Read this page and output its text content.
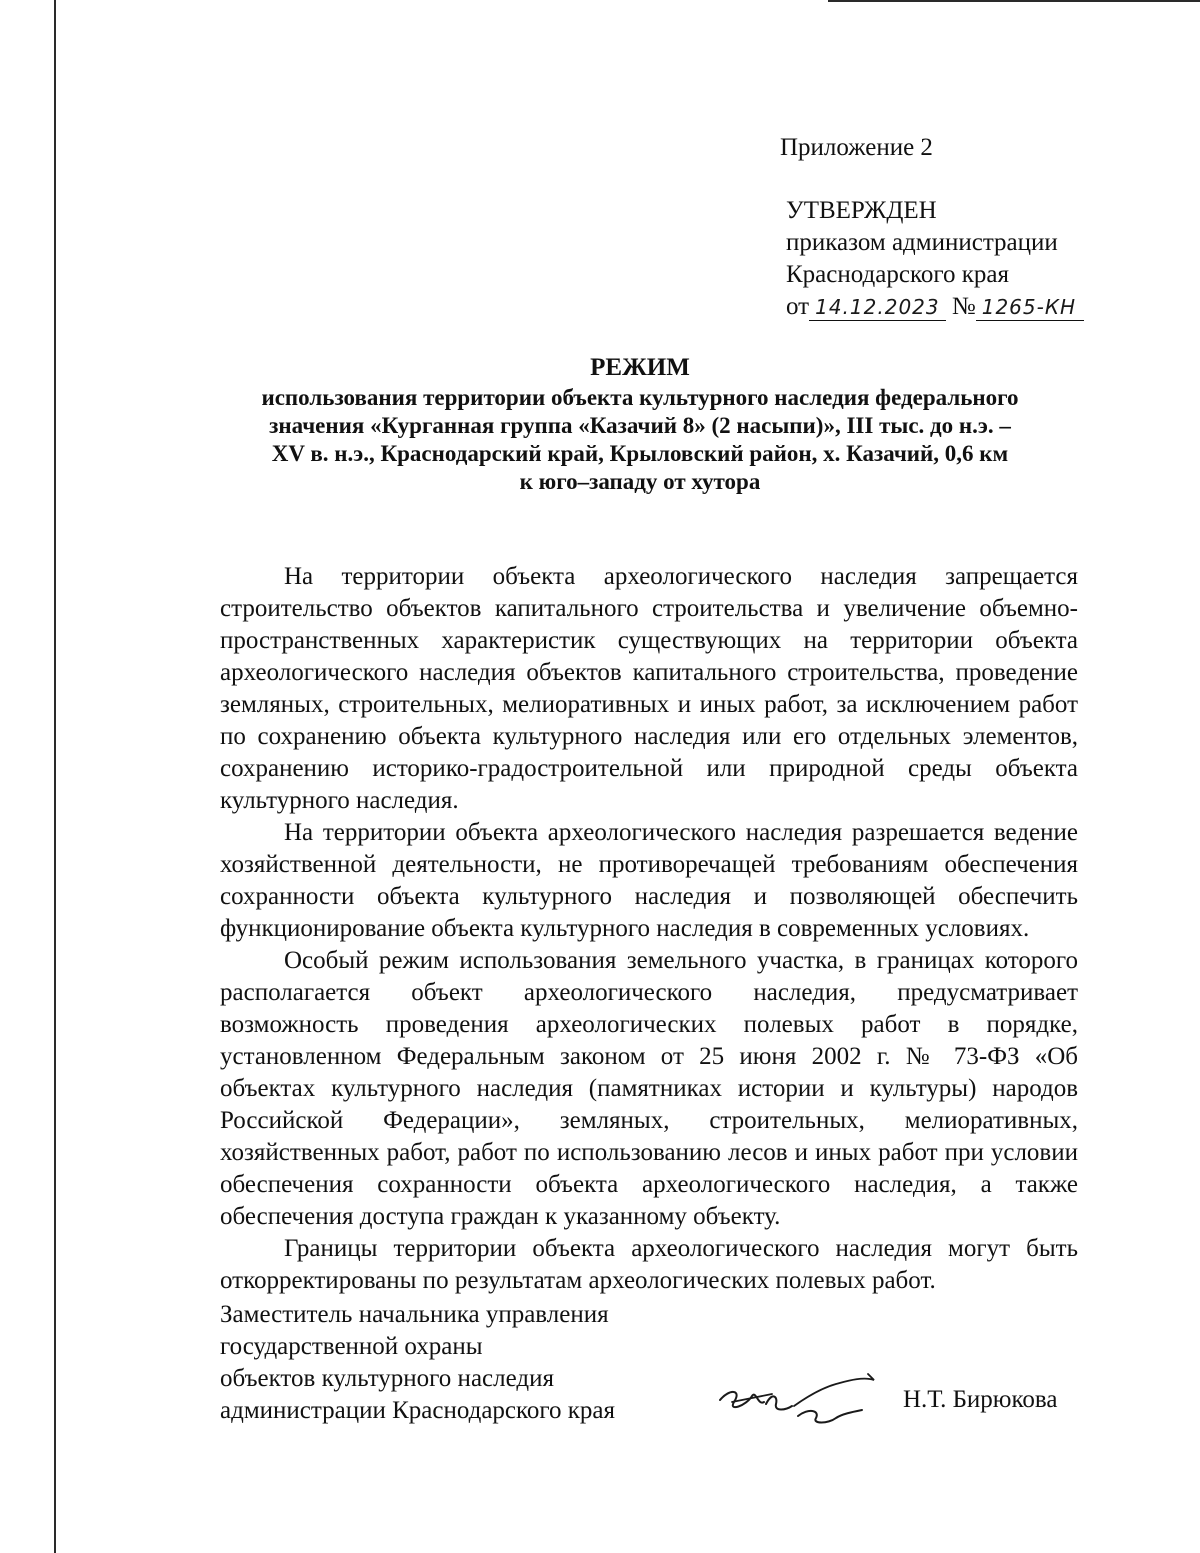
Приложение 2
УТВЕРЖДЕН
приказом администрации
Краснодарского края
от 14.12.2023 № 1265-КН
РЕЖИМ
использования территории объекта культурного наследия федерального
значения «Курганная группа «Казачий 8» (2 насыпи)», III тыс. до н.э. –
XV в. н.э., Краснодарский край, Крыловский район, х. Казачий, 0,6 км
к юго–западу от хутора

На территории объекта археологического наследия запрещается строительство объектов капитального строительства и увеличение объемно-пространственных характеристик существующих на территории объекта археологического наследия объектов капитального строительства, проведение земляных, строительных, мелиоративных и иных работ, за исключением работ по сохранению объекта культурного наследия или его отдельных элементов, сохранению историко-градостроительной или природной среды объекта культурного наследия.

На территории объекта археологического наследия разрешается ведение хозяйственной деятельности, не противоречащей требованиям обеспечения сохранности объекта культурного наследия и позволяющей обеспечить функционирование объекта культурного наследия в современных условиях.

Особый режим использования земельного участка, в границах которого располагается объект археологического наследия, предусматривает возможность проведения археологических полевых работ в порядке, установленном Федеральным законом от 25 июня 2002 г. № 73-ФЗ «Об объектах культурного наследия (памятниках истории и культуры) народов Российской Федерации», земляных, строительных, мелиоративных, хозяйственных работ, работ по использованию лесов и иных работ при условии обеспечения сохранности объекта археологического наследия, а также обеспечения доступа граждан к указанному объекту.

Границы территории объекта археологического наследия могут быть откорректированы по результатам археологических полевых работ.

Заместитель начальника управления
государственной охраны
объектов культурного наследия
администрации Краснодарского края	Н.Т. Бирюкова
